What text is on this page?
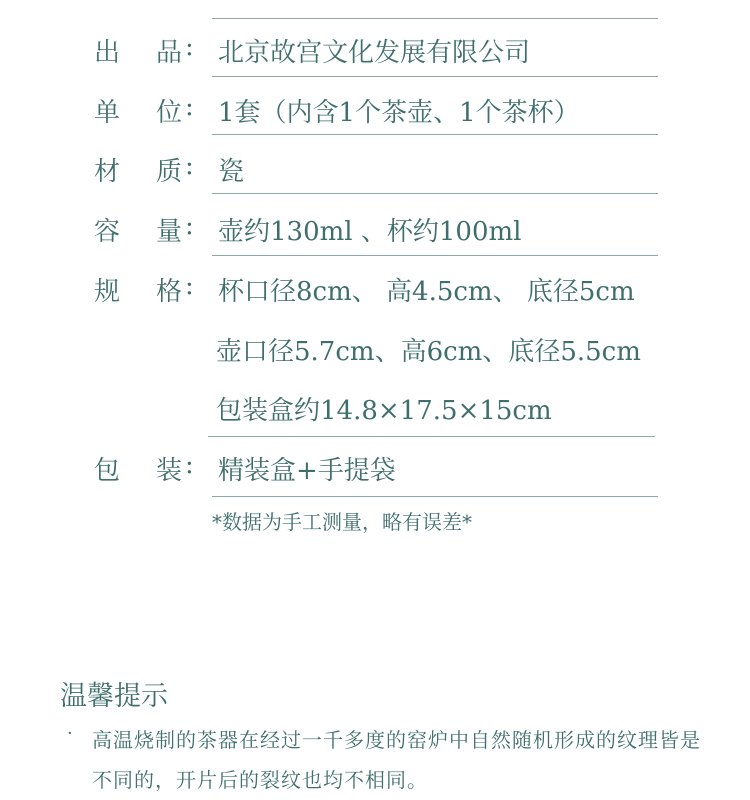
出 品 : 北京故宫文化发展有限公司
单 位 : 1套（内含1个茶壶、1个茶杯）
材 质 : 瓷
容 量 : 壶约130ml 、杯约100ml
规 格 : 杯口径8cm、 高4.5cm、 底径5cm
壶口径5.7cm、高6cm、底径5.5cm
包装盒约14.8×17.5×15cm
包 装 : 精装盒+手提袋
*数据为手工测量，略有误差*
温馨提示
· 高温烧制的茶器在经过一千多度的窑炉中自然随机形成的纹理皆是不同的，开片后的裂纹也均不相同。
